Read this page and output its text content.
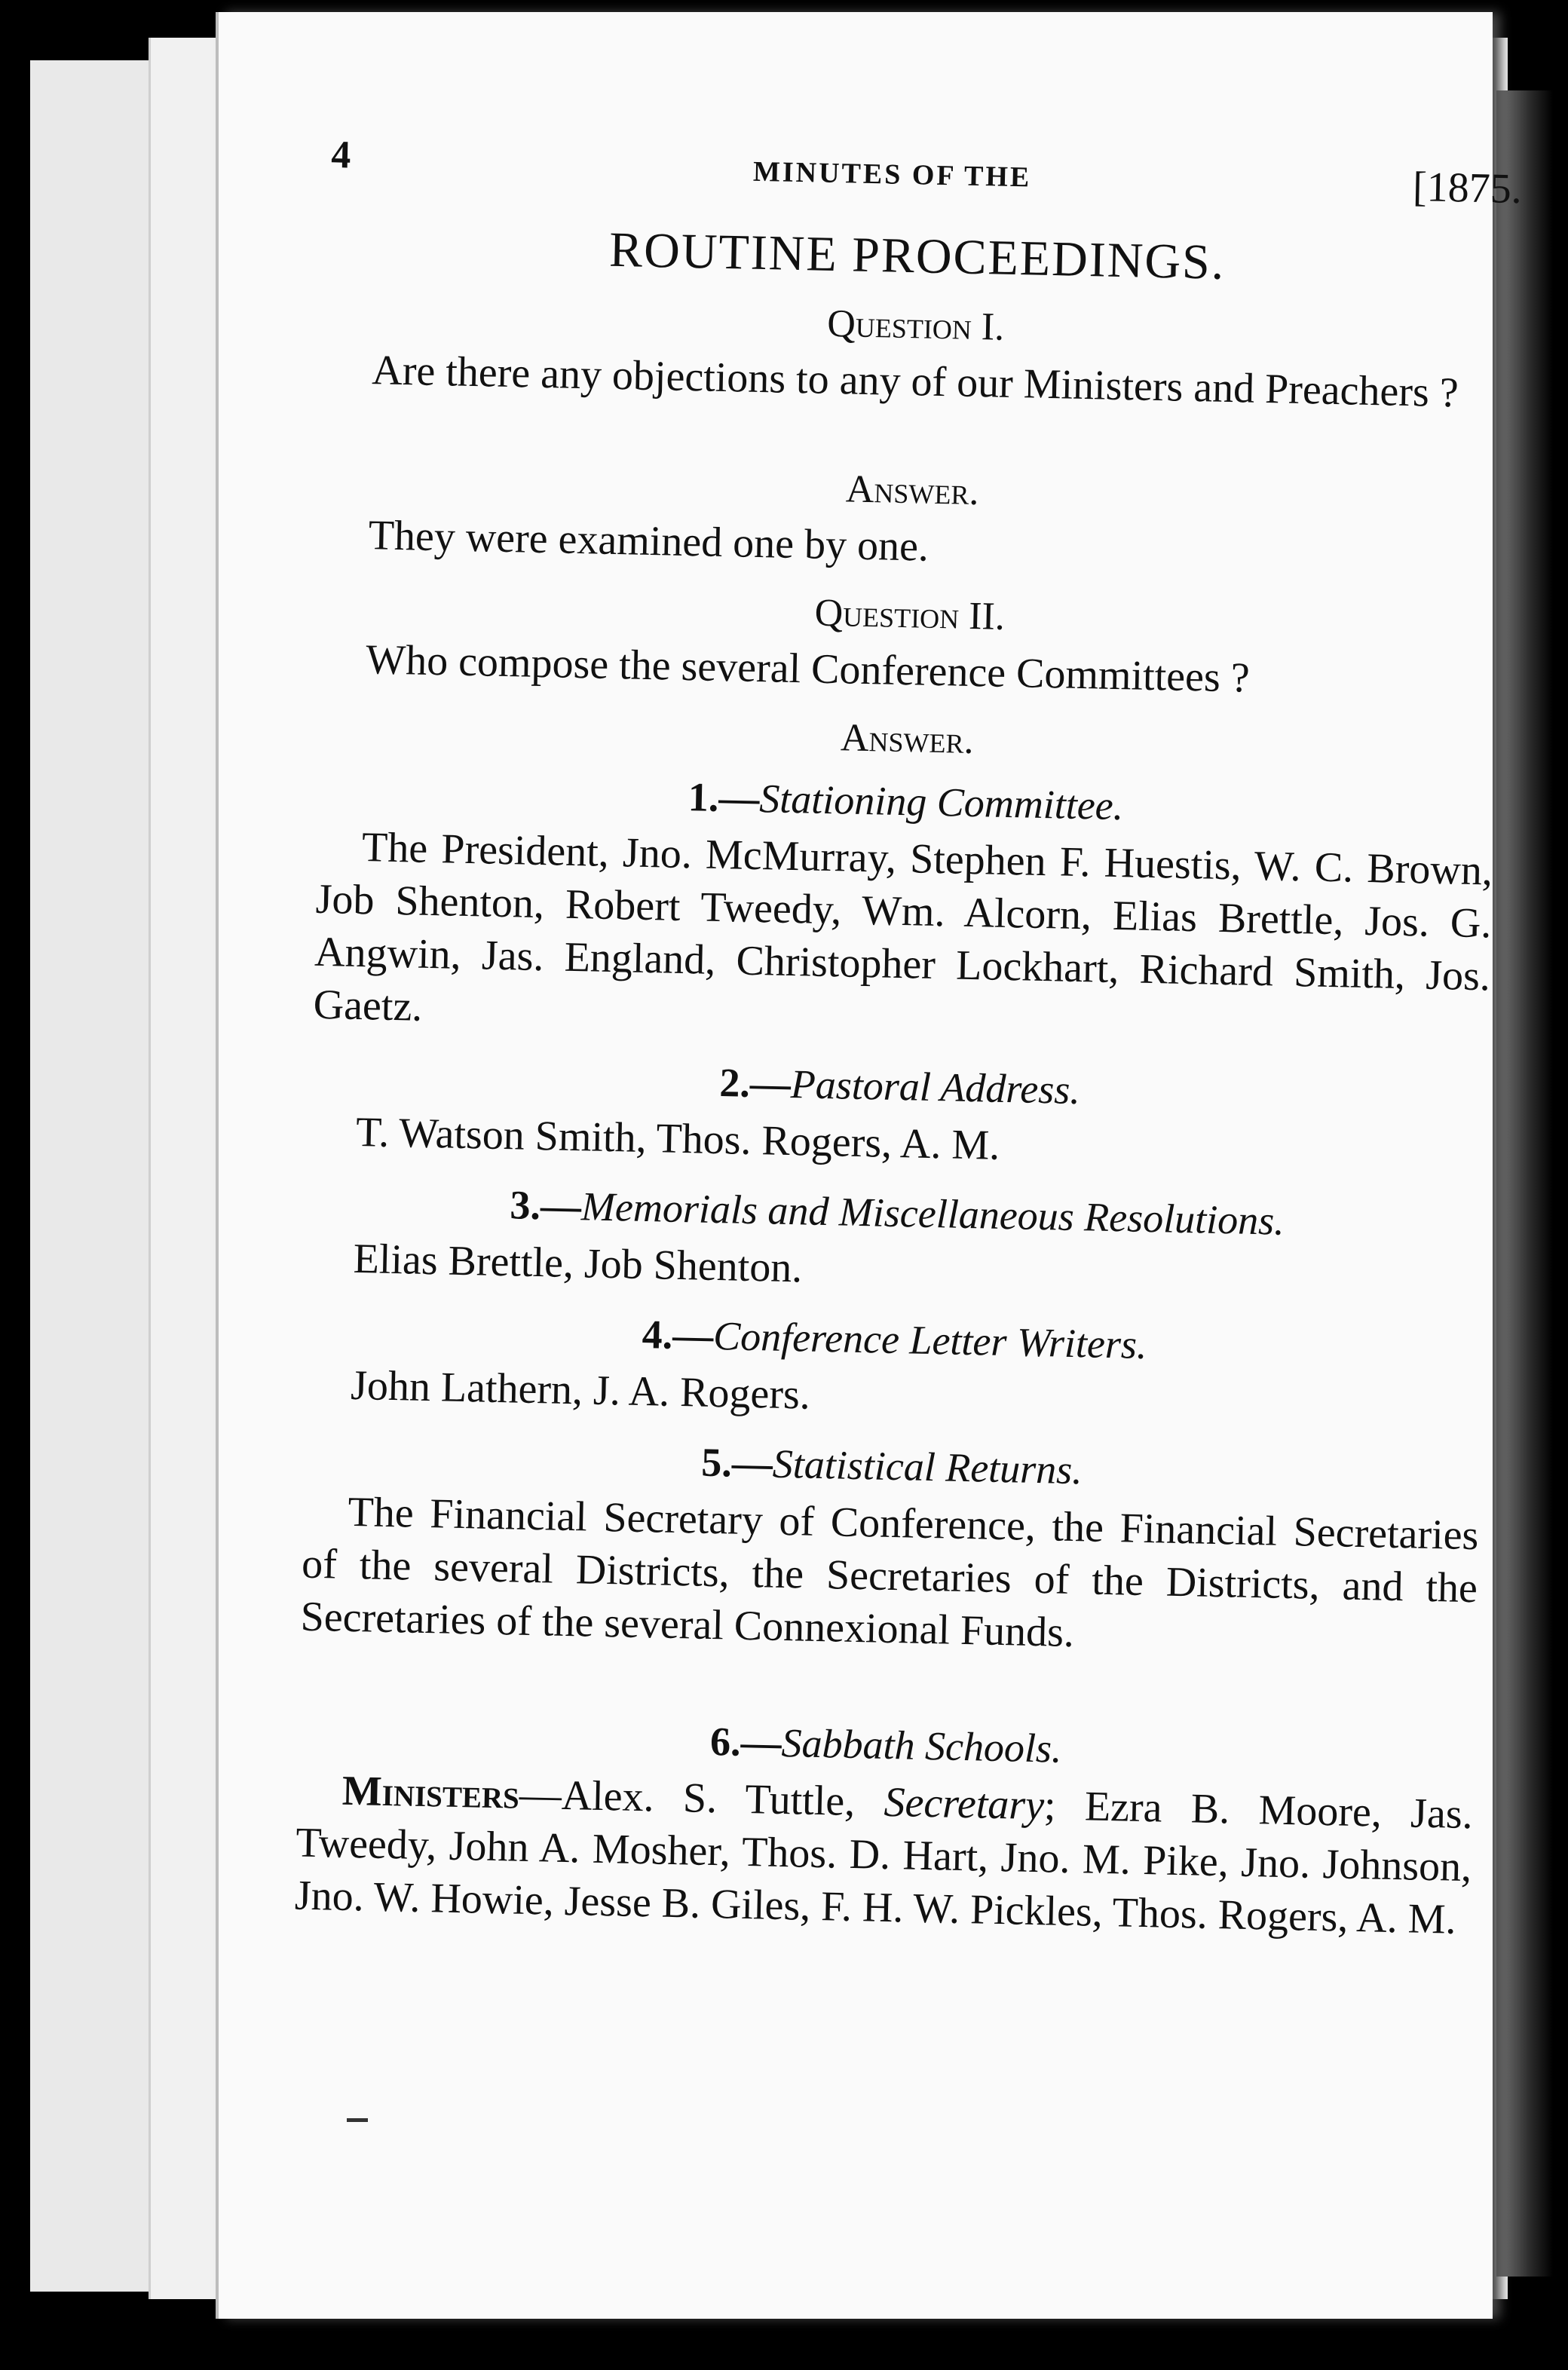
4	MINUTES OF THE	[1875.
ROUTINE PROCEEDINGS.
Question I.

Are there any objections to any of our Ministers and Preachers ?

Answer.

They were examined one by one.

Question II.

Who compose the several Conference Committees ?

Answer.
1.—Stationing Committee.

The President, Jno. McMurray, Stephen F. Huestis, W. C. Brown, Job Shenton, Robert Tweedy, Wm. Alcorn, Elias Brettle, Jos. G. Angwin, Jas. England, Christopher Lockhart, Richard Smith, Jos. Gaetz.

2.—Pastoral Address.

T. Watson Smith, Thos. Rogers, A. M.

3.—Memorials and Miscellaneous Resolutions.

Elias Brettle, Job Shenton.

4.—Conference Letter Writers.

John Lathern, J. A. Rogers.

5.—Statistical Returns.

The Financial Secretary of Conference, the Financial Secretaries of the several Districts, the Secretaries of the Districts, and the Secretaries of the several Connexional Funds.

6.—Sabbath Schools.

Ministers—Alex. S. Tuttle, Secretary; Ezra B. Moore, Jas. Tweedy, John A. Mosher, Thos. D. Hart, Jno. M. Pike, Jno. Johnson, Jno. W. Howie, Jesse B. Giles, F. H. W. Pickles, Thos. Rogers, A. M.
